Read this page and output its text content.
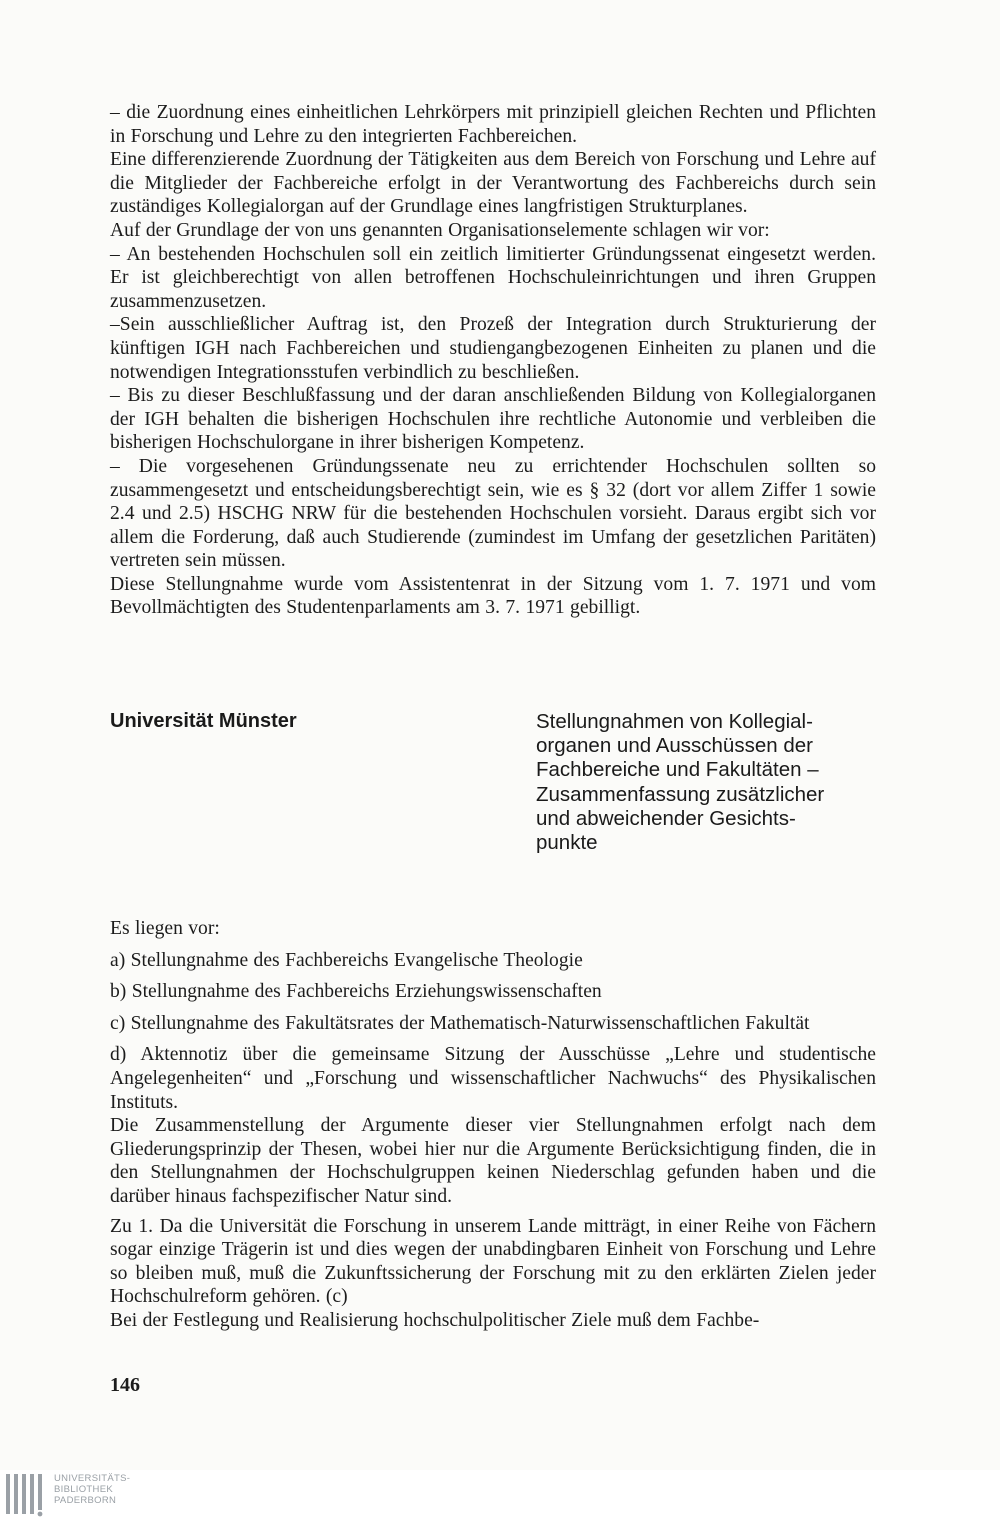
– die Zuordnung eines einheitlichen Lehrkörpers mit prinzipiell gleichen Rechten und Pflichten in Forschung und Lehre zu den integrierten Fachbereichen.

Eine differenzierende Zuordnung der Tätigkeiten aus dem Bereich von Forschung und Lehre auf die Mitglieder der Fachbereiche erfolgt in der Verantwortung des Fachbereichs durch sein zuständiges Kollegialorgan auf der Grundlage eines langfristigen Strukturplanes.

Auf der Grundlage der von uns genannten Organisationselemente schlagen wir vor:

– An bestehenden Hochschulen soll ein zeitlich limitierter Gründungssenat eingesetzt werden. Er ist gleichberechtigt von allen betroffenen Hochschuleinrichtungen und ihren Gruppen zusammenzusetzen.

–Sein ausschließlicher Auftrag ist, den Prozeß der Integration durch Strukturierung der künftigen IGH nach Fachbereichen und studiengangbezogenen Einheiten zu planen und die notwendigen Integrationsstufen verbindlich zu beschließen.

– Bis zu dieser Beschlußfassung und der daran anschließenden Bildung von Kollegialorganen der IGH behalten die bisherigen Hochschulen ihre rechtliche Autonomie und verbleiben die bisherigen Hochschulorgane in ihrer bisherigen Kompetenz.

– Die vorgesehenen Gründungssenate neu zu errichtender Hochschulen sollten so zusammengesetzt und entscheidungsberechtigt sein, wie es § 32 (dort vor allem Ziffer 1 sowie 2.4 und 2.5) HSCHG NRW für die bestehenden Hochschulen vorsieht. Daraus ergibt sich vor allem die Forderung, daß auch Studierende (zumindest im Umfang der gesetzlichen Paritäten) vertreten sein müssen.

Diese Stellungnahme wurde vom Assistentenrat in der Sitzung vom 1. 7. 1971 und vom Bevollmächtigten des Studentenparlaments am 3. 7. 1971 gebilligt.

Universität Münster	Stellungnahmen von Kollegial-
organen und Ausschüssen der
Fachbereiche und Fakultäten –
Zusammenfassung zusätzlicher
und abweichender Gesichts-
punkte

Es liegen vor:

a) Stellungnahme des Fachbereichs Evangelische Theologie

b) Stellungnahme des Fachbereichs Erziehungswissenschaften

c) Stellungnahme des Fakultätsrates der Mathematisch-Naturwissenschaftlichen Fakultät

d) Aktennotiz über die gemeinsame Sitzung der Ausschüsse „Lehre und studentische Angelegenheiten“ und „Forschung und wissenschaftlicher Nachwuchs“ des Physikalischen Instituts.

Die Zusammenstellung der Argumente dieser vier Stellungnahmen erfolgt nach dem Gliederungsprinzip der Thesen, wobei hier nur die Argumente Berücksichtigung finden, die in den Stellungnahmen der Hochschulgruppen keinen Niederschlag gefunden haben und die darüber hinaus fachspezifischer Natur sind.

Zu 1. Da die Universität die Forschung in unserem Lande mitträgt, in einer Reihe von Fächern sogar einzige Trägerin ist und dies wegen der unabdingbaren Einheit von Forschung und Lehre so bleiben muß, muß die Zukunftssicherung der Forschung mit zu den erklärten Zielen jeder Hochschulreform gehören. (c)

Bei der Festlegung und Realisierung hochschulpolitischer Ziele muß dem Fachbe-

146
UNIVERSITÄTS-
BIBLIOTHEK
PADERBORN
